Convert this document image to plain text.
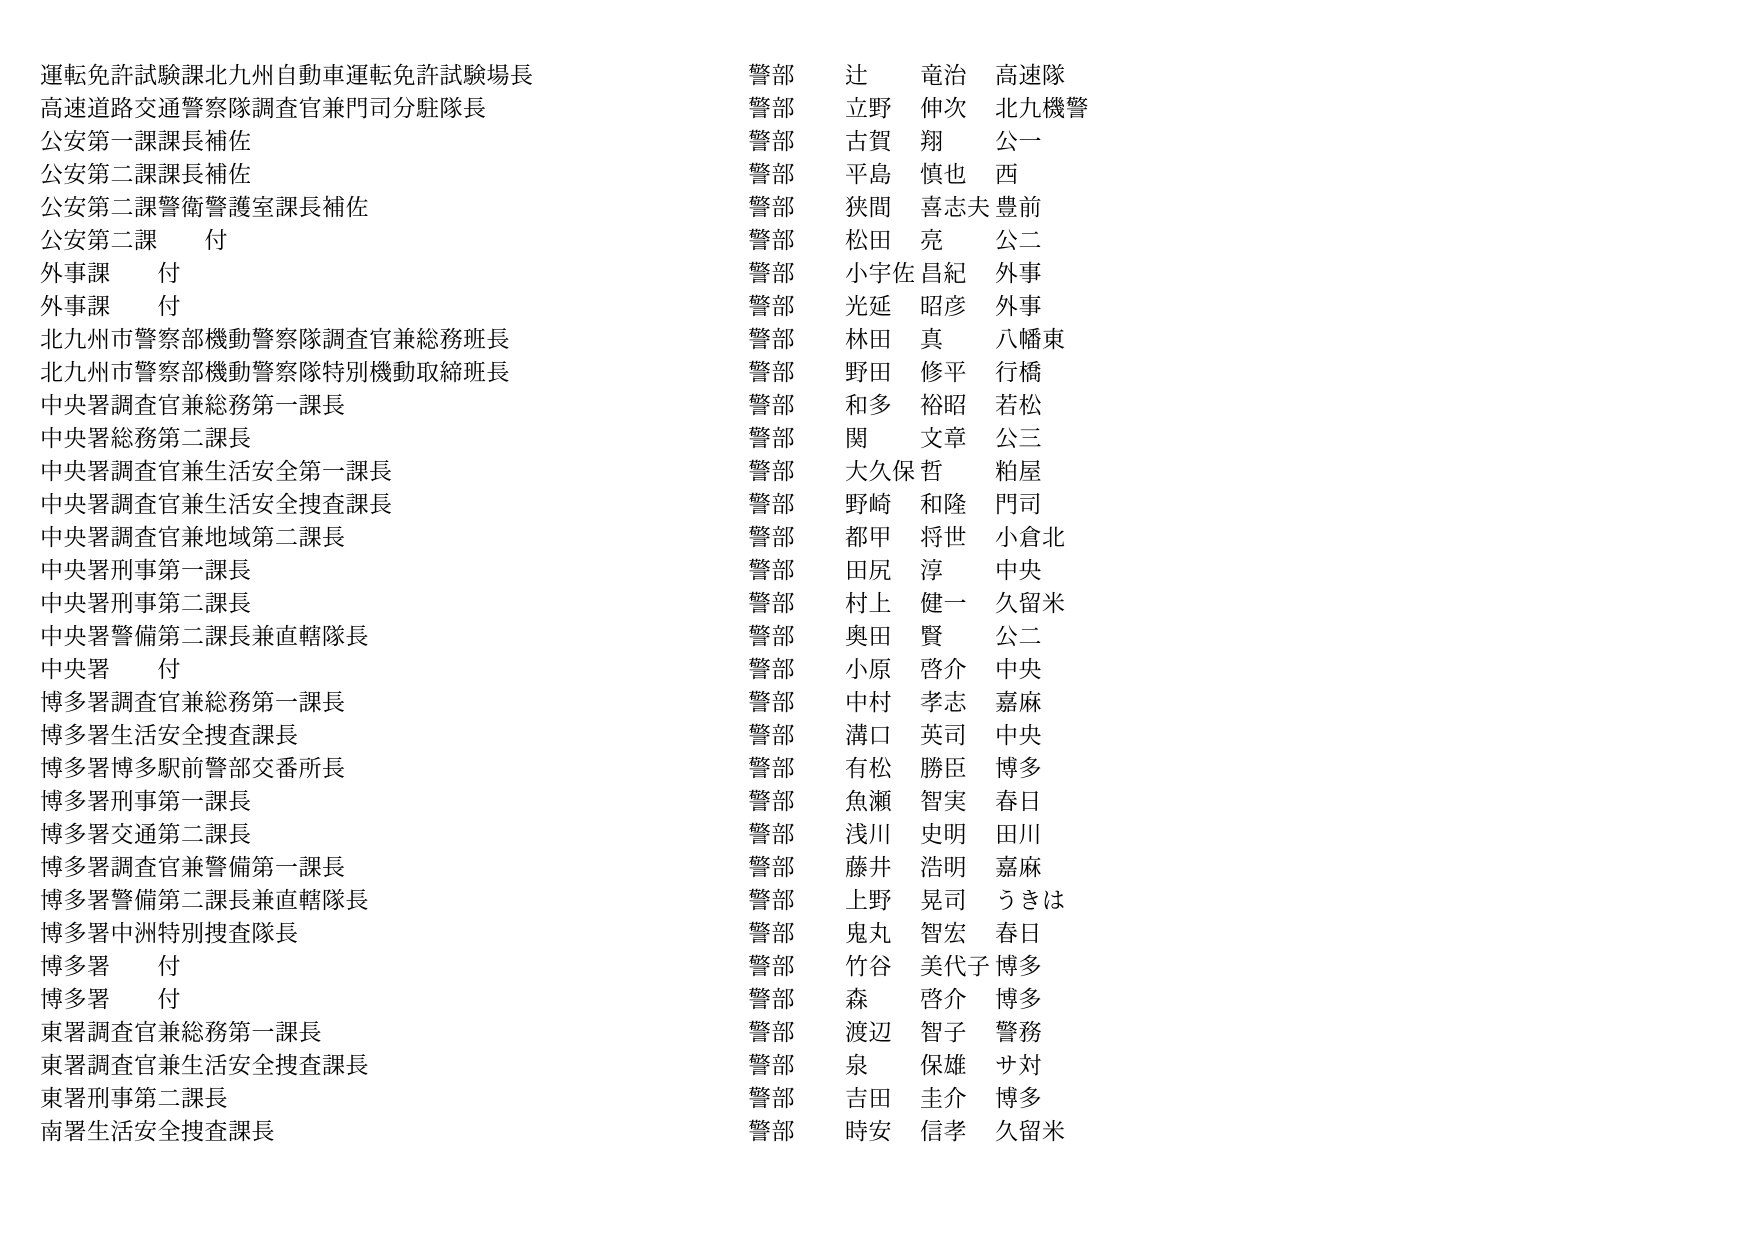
運転免許試験課北九州自動車運転免許試験場長	警部	辻	竜治	高速隊
高速道路交通警察隊調査官兼門司分駐隊長	警部	立野	伸次	北九機警
公安第一課課長補佐	警部	古賀	翔	公一
公安第二課課長補佐	警部	平島	慎也	西
公安第二課警衛警護室課長補佐	警部	狭間	喜志夫 豊前
公安第二課　　付	警部	松田	亮	公二
外事課　　付	警部	小宇佐 昌紀	外事
外事課　　付	警部	光延	昭彦	外事
北九州市警察部機動警察隊調査官兼総務班長	警部	林田	真	八幡東
北九州市警察部機動警察隊特別機動取締班長	警部	野田	修平	行橋
中央署調査官兼総務第一課長	警部	和多	裕昭	若松
中央署総務第二課長	警部	関	文章	公三
中央署調査官兼生活安全第一課長	警部	大久保 哲	粕屋
中央署調査官兼生活安全捜査課長	警部	野崎	和隆	門司
中央署調査官兼地域第二課長	警部	都甲	将世	小倉北
中央署刑事第一課長	警部	田尻	淳	中央
中央署刑事第二課長	警部	村上	健一	久留米
中央署警備第二課長兼直轄隊長	警部	奥田	賢	公二
中央署　　付	警部	小原	啓介	中央
博多署調査官兼総務第一課長	警部	中村	孝志	嘉麻
博多署生活安全捜査課長	警部	溝口	英司	中央
博多署博多駅前警部交番所長	警部	有松	勝臣	博多
博多署刑事第一課長	警部	魚瀬	智実	春日
博多署交通第二課長	警部	浅川	史明	田川
博多署調査官兼警備第一課長	警部	藤井	浩明	嘉麻
博多署警備第二課長兼直轄隊長	警部	上野	晃司	うきは
博多署中洲特別捜査隊長	警部	鬼丸	智宏	春日
博多署　　付	警部	竹谷	美代子 博多
博多署　　付	警部	森	啓介	博多
東署調査官兼総務第一課長	警部	渡辺	智子	警務
東署調査官兼生活安全捜査課長	警部	泉	保雄	サ対
東署刑事第二課長	警部	吉田	圭介	博多
南署生活安全捜査課長	警部	時安	信孝	久留米
